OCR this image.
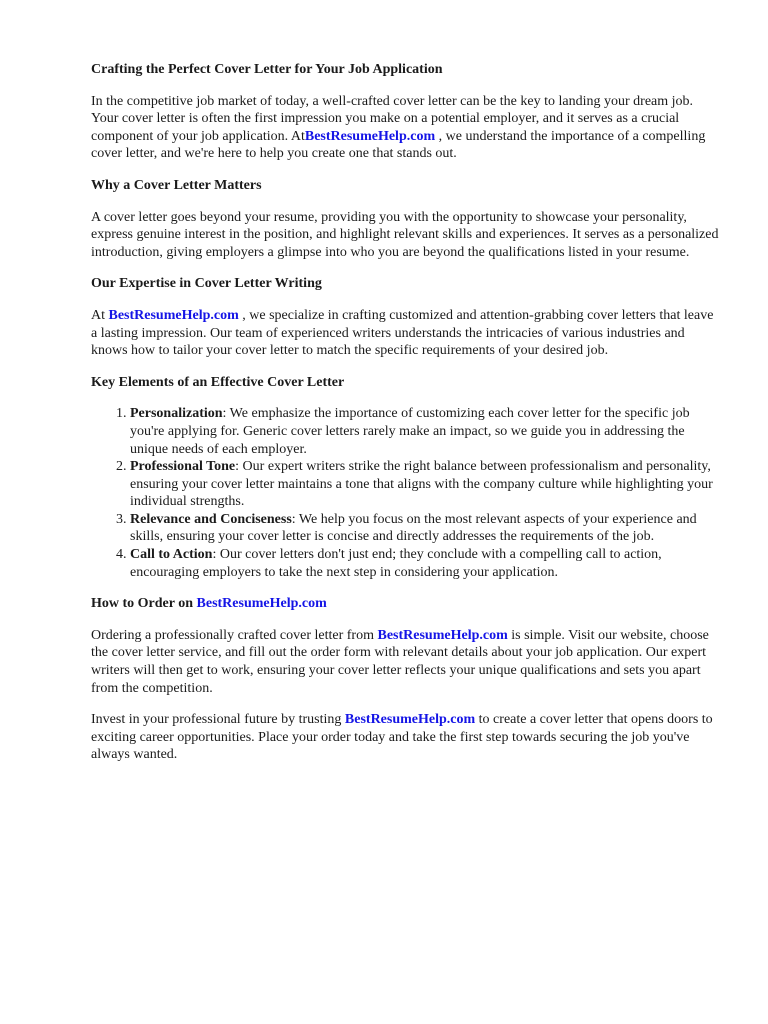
Crafting the Perfect Cover Letter for Your Job Application

In the competitive job market of today, a well-crafted cover letter can be the key to landing your dream job. Your cover letter is often the first impression you make on a potential employer, and it serves as a crucial component of your job application. AtBestResumeHelp.com , we understand the importance of a compelling cover letter, and we're here to help you create one that stands out.

Why a Cover Letter Matters

A cover letter goes beyond your resume, providing you with the opportunity to showcase your personality, express genuine interest in the position, and highlight relevant skills and experiences. It serves as a personalized introduction, giving employers a glimpse into who you are beyond the qualifications listed in your resume.

Our Expertise in Cover Letter Writing

At BestResumeHelp.com , we specialize in crafting customized and attention-grabbing cover letters that leave a lasting impression. Our team of experienced writers understands the intricacies of various industries and knows how to tailor your cover letter to match the specific requirements of your desired job.

Key Elements of an Effective Cover Letter
1. Personalization: We emphasize the importance of customizing each cover letter for the specific job you're applying for. Generic cover letters rarely make an impact, so we guide you in addressing the unique needs of each employer.
2. Professional Tone: Our expert writers strike the right balance between professionalism and personality, ensuring your cover letter maintains a tone that aligns with the company culture while highlighting your individual strengths.
3. Relevance and Conciseness: We help you focus on the most relevant aspects of your experience and skills, ensuring your cover letter is concise and directly addresses the requirements of the job.
4. Call to Action: Our cover letters don't just end; they conclude with a compelling call to action, encouraging employers to take the next step in considering your application.
How to Order on BestResumeHelp.com

Ordering a professionally crafted cover letter from BestResumeHelp.com is simple. Visit our website, choose the cover letter service, and fill out the order form with relevant details about your job application. Our expert writers will then get to work, ensuring your cover letter reflects your unique qualifications and sets you apart from the competition.

Invest in your professional future by trusting BestResumeHelp.com to create a cover letter that opens doors to exciting career opportunities. Place your order today and take the first step towards securing the job you've always wanted.
